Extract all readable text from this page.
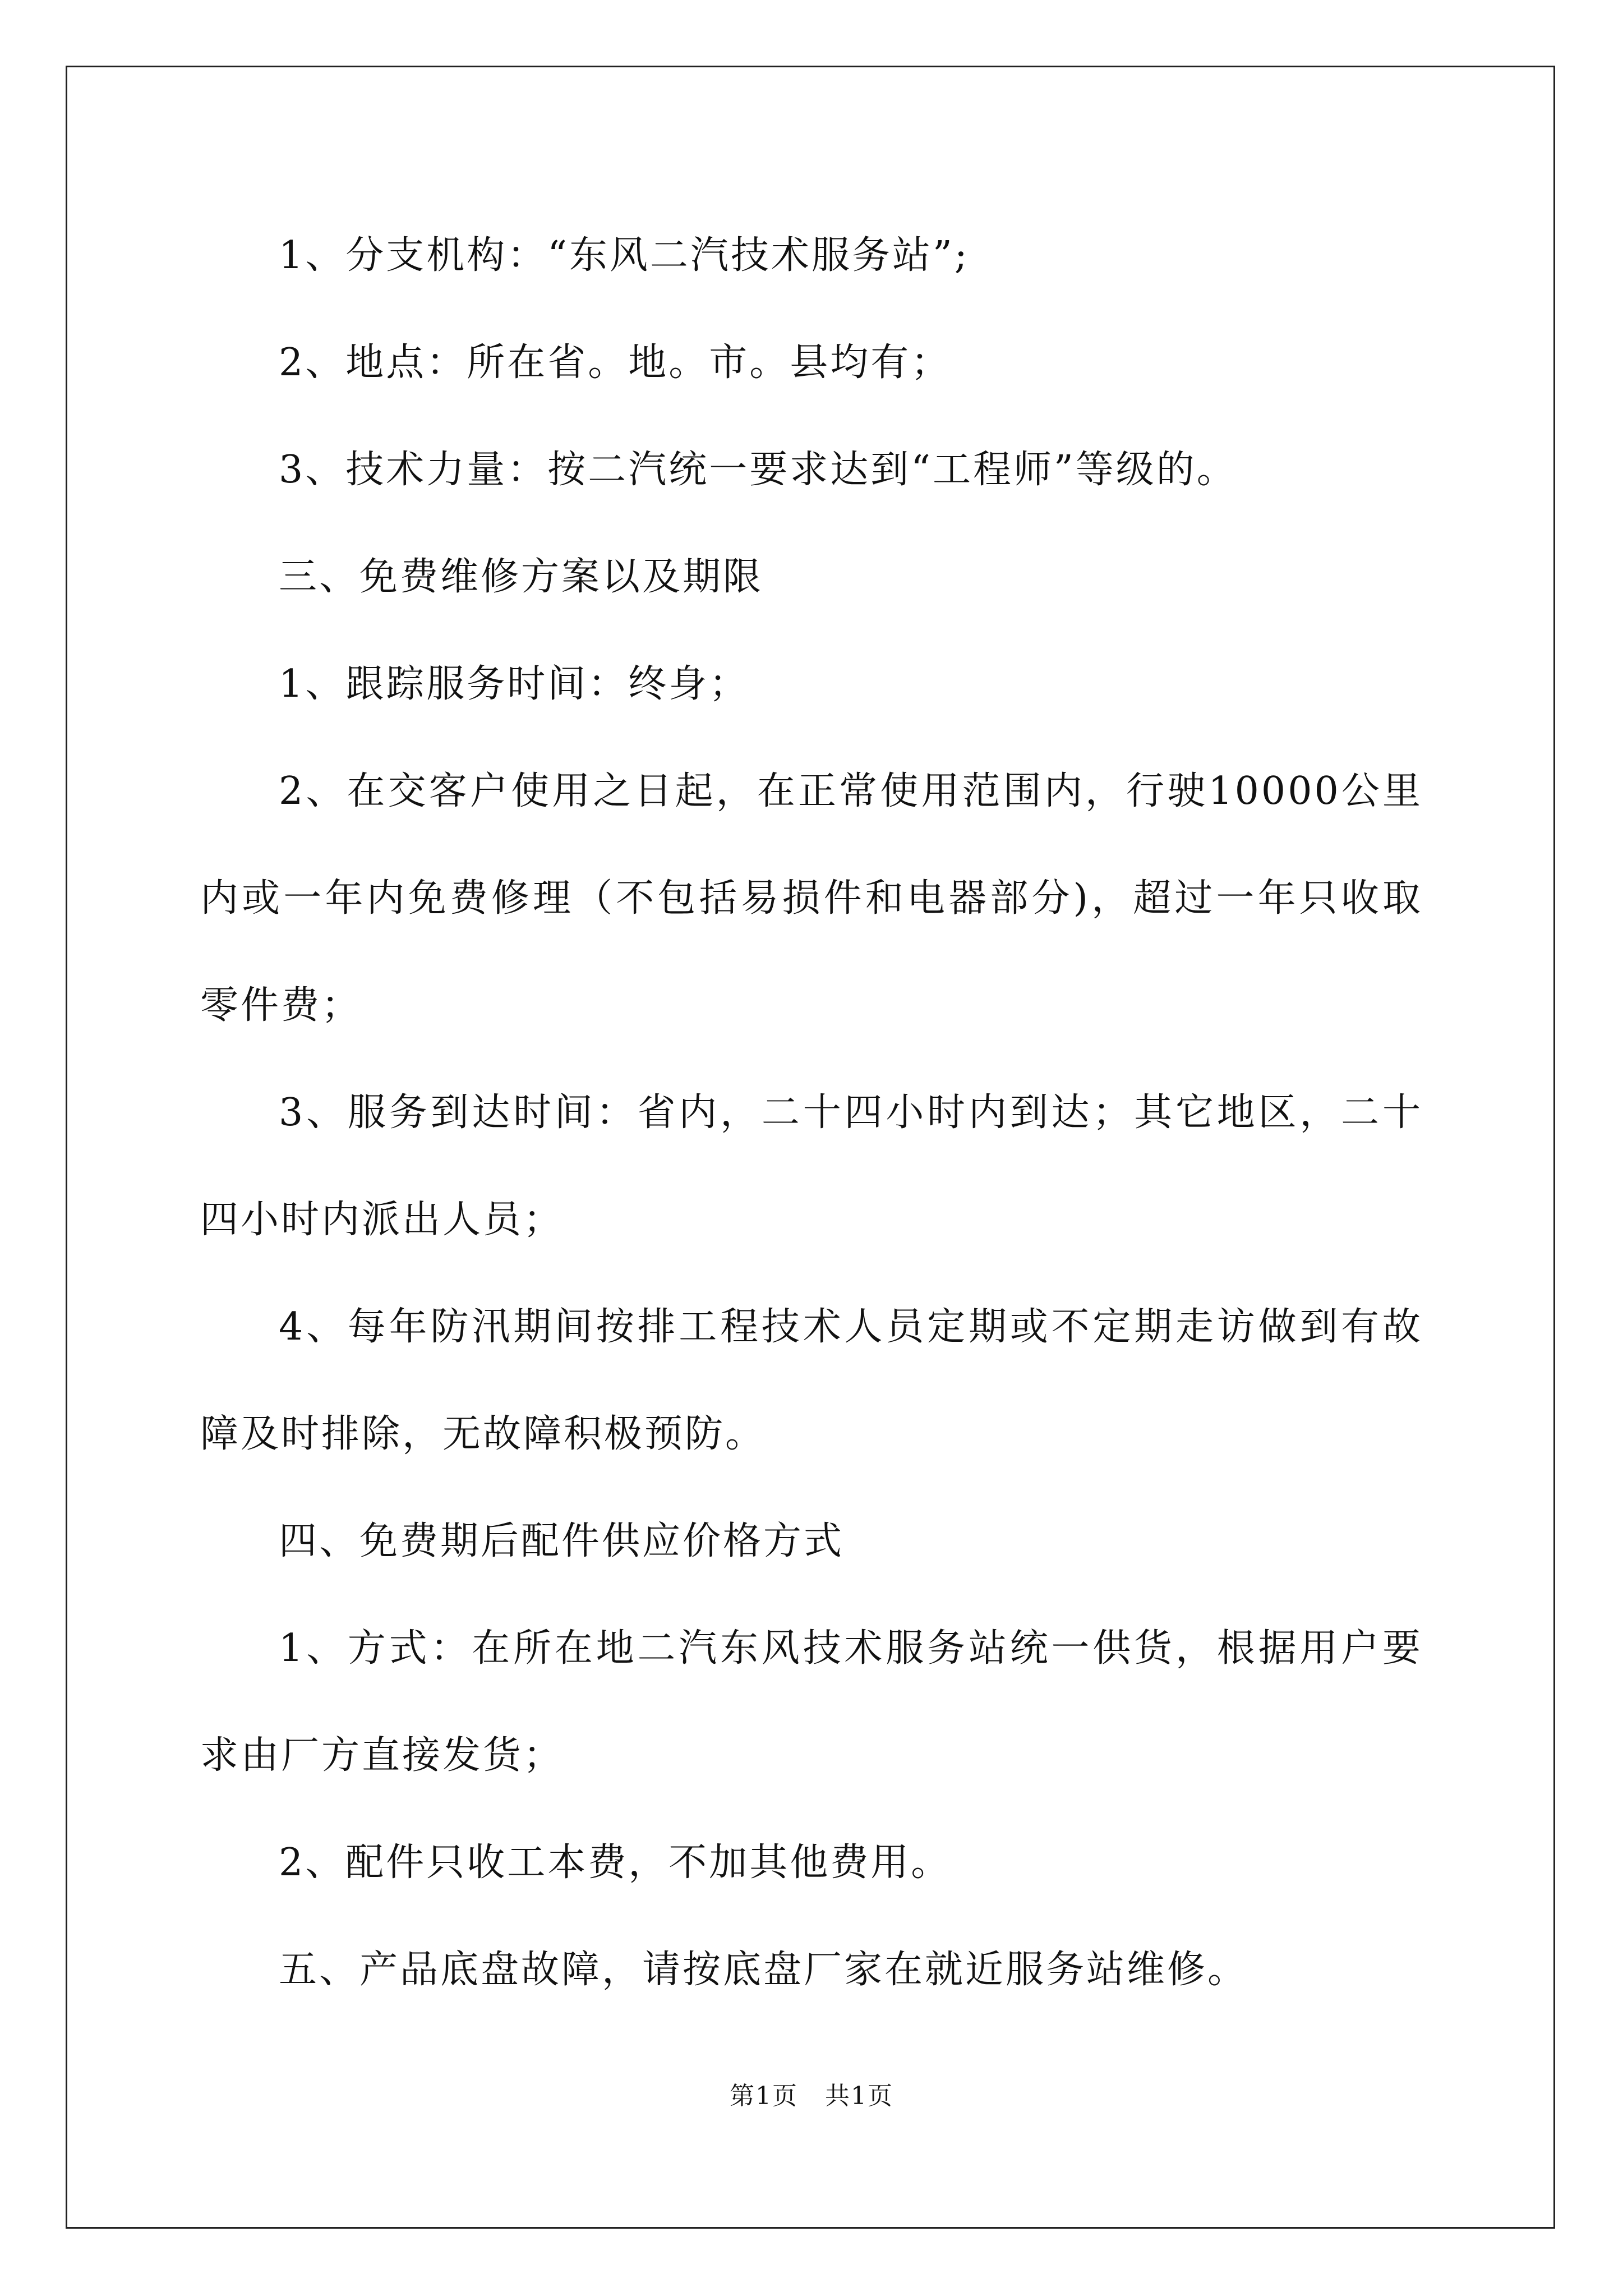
1、分支机构：“东风二汽技术服务站”;

2、地点：所在省。地。市。县均有；

3、技术力量：按二汽统一要求达到“工程师”等级的。

三、免费维修方案以及期限

1、跟踪服务时间：终身；

2、在交客户使用之日起，在正常使用范围内，行驶10000公里内或一年内免费修理（不包括易损件和电器部分)，超过一年只收取零件费；

3、服务到达时间：省内，二十四小时内到达；其它地区，二十四小时内派出人员；

4、每年防汛期间按排工程技术人员定期或不定期走访做到有故障及时排除，无故障积极预防。

四、免费期后配件供应价格方式

1、方式：在所在地二汽东风技术服务站统一供货，根据用户要求由厂方直接发货；

2、配件只收工本费，不加其他费用。

五、产品底盘故障，请按底盘厂家在就近服务站维修。

第1页 共1页
